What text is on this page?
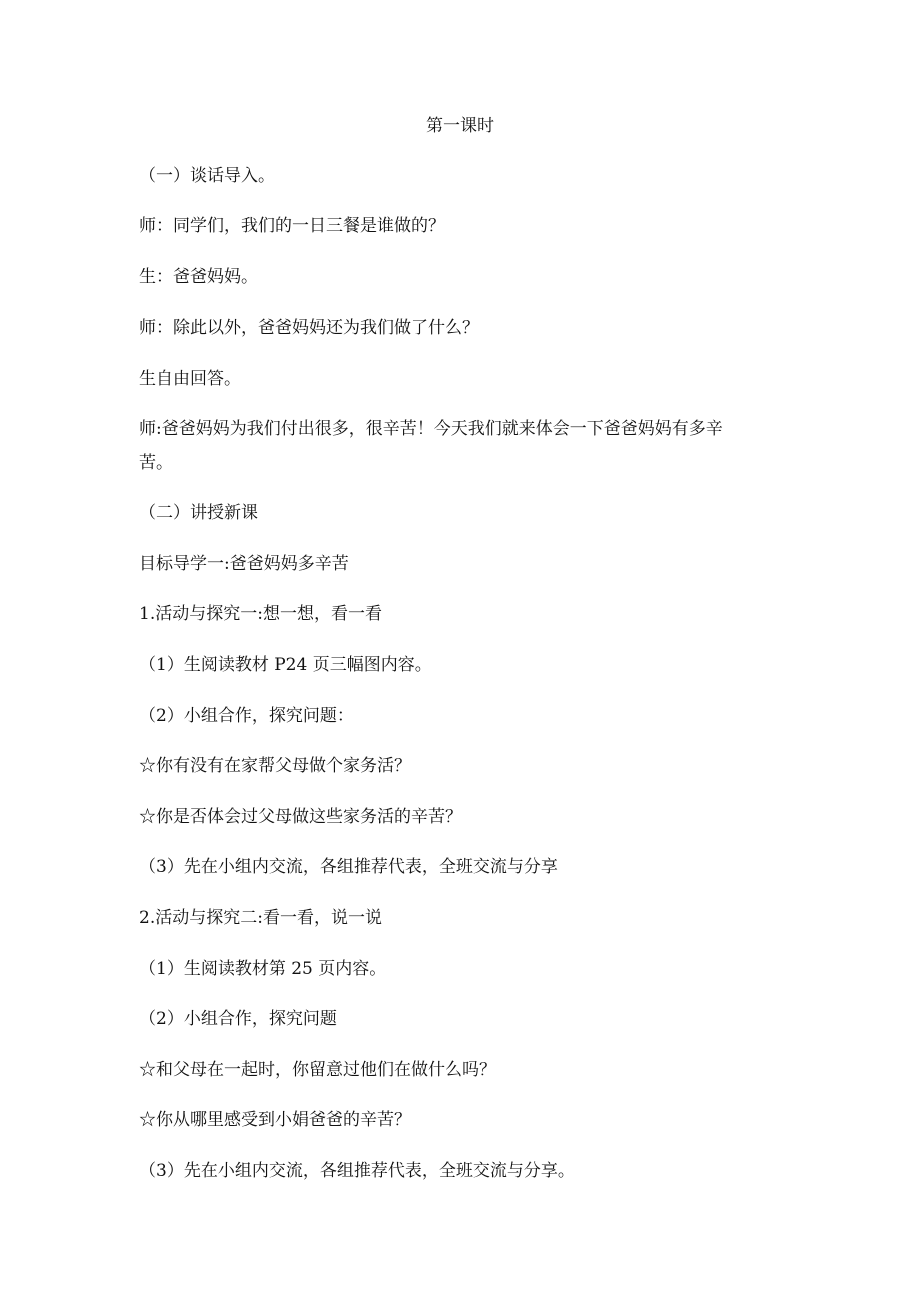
第一课时
（一）谈话导入。
师：同学们，我们的一日三餐是谁做的？
生：爸爸妈妈。
师：除此以外，爸爸妈妈还为我们做了什么？
生自由回答。
师:爸爸妈妈为我们付出很多，很辛苦！今天我们就来体会一下爸爸妈妈有多辛
苦。
（二）讲授新课
目标导学一:爸爸妈妈多辛苦
1.活动与探究一:想一想，看一看
（1）生阅读教材 P24 页三幅图内容。
（2）小组合作，探究问题：
☆你有没有在家帮父母做个家务活？
☆你是否体会过父母做这些家务活的辛苦？
（3）先在小组内交流，各组推荐代表，全班交流与分享
2.活动与探究二:看一看，说一说
（1）生阅读教材第 25 页内容。
（2）小组合作，探究问题
☆和父母在一起时，你留意过他们在做什么吗？
☆你从哪里感受到小娟爸爸的辛苦？
（3）先在小组内交流，各组推荐代表，全班交流与分享。
